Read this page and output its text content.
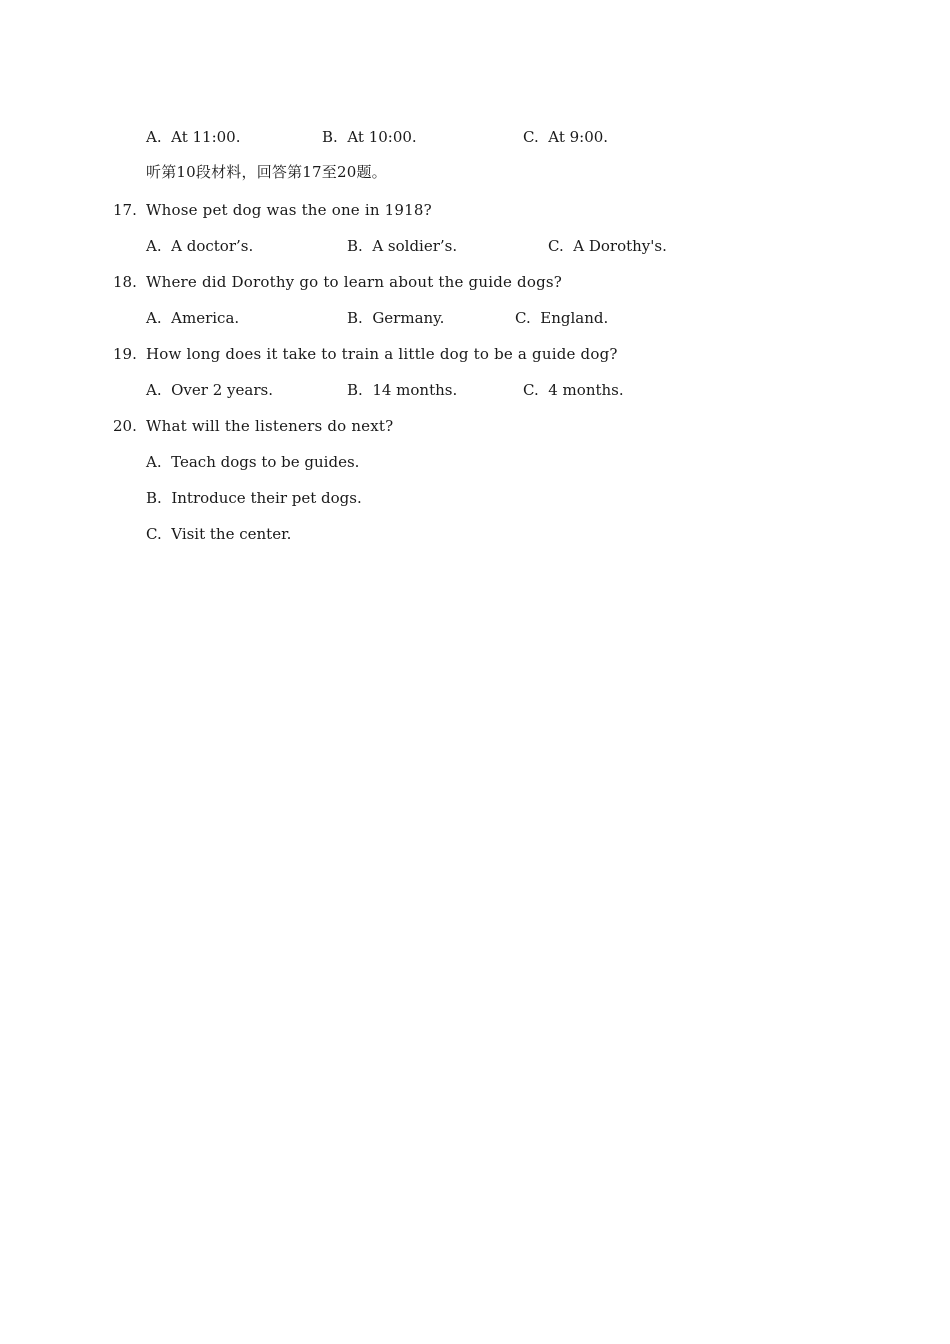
A.  At 11:00.	B.  At 10:00.	C.  At 9:00.
听第10段材料，回答第17至20题。
17. Whose pet dog was the one in 1918?
A.  A doctor’s.	B.  A soldier’s.	C.  A Dorothy's.
18. Where did Dorothy go to learn about the guide dogs?
A.  America.	B.  Germany.	C.  England.
19. How long does it take to train a little dog to be a guide dog?
A.  Over 2 years.	B.  14 months.	C.  4 months.
20. What will the listeners do next?
A.  Teach dogs to be guides.
B.  Introduce their pet dogs.
C.  Visit the center.
